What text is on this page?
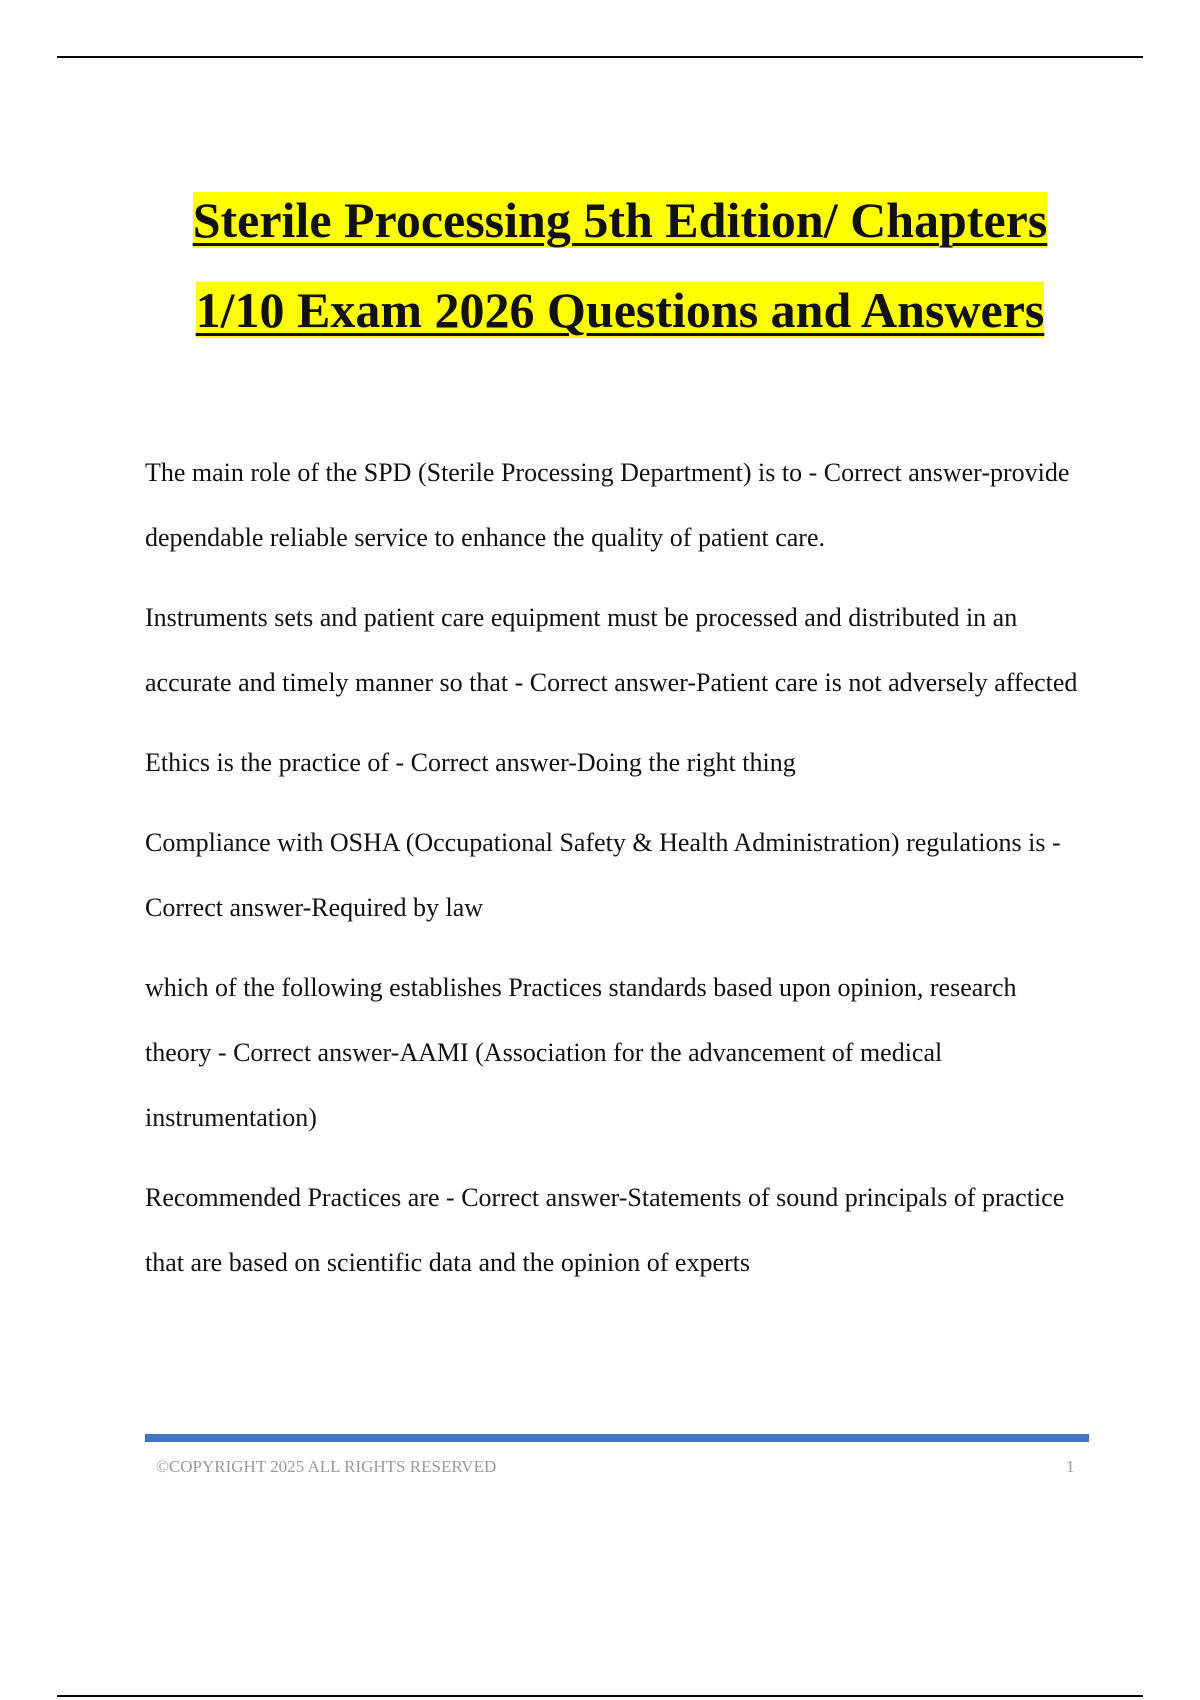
Sterile Processing 5th Edition/ Chapters
1/10 Exam 2026 Questions and Answers

The main role of the SPD (Sterile Processing Department) is to - Correct answer-provide dependable reliable service to enhance the quality of patient care.

Instruments sets and patient care equipment must be processed and distributed in an accurate and timely manner so that - Correct answer-Patient care is not adversely affected

Ethics is the practice of - Correct answer-Doing the right thing

Compliance with OSHA (Occupational Safety & Health Administration) regulations is - Correct answer-Required by law

which of the following establishes Practices standards based upon opinion, research theory - Correct answer-AAMI (Association for the advancement of medical instrumentation)

Recommended Practices are - Correct answer-Statements of sound principals of practice that are based on scientific data and the opinion of experts

©COPYRIGHT 2025 ALL RIGHTS RESERVED	1
